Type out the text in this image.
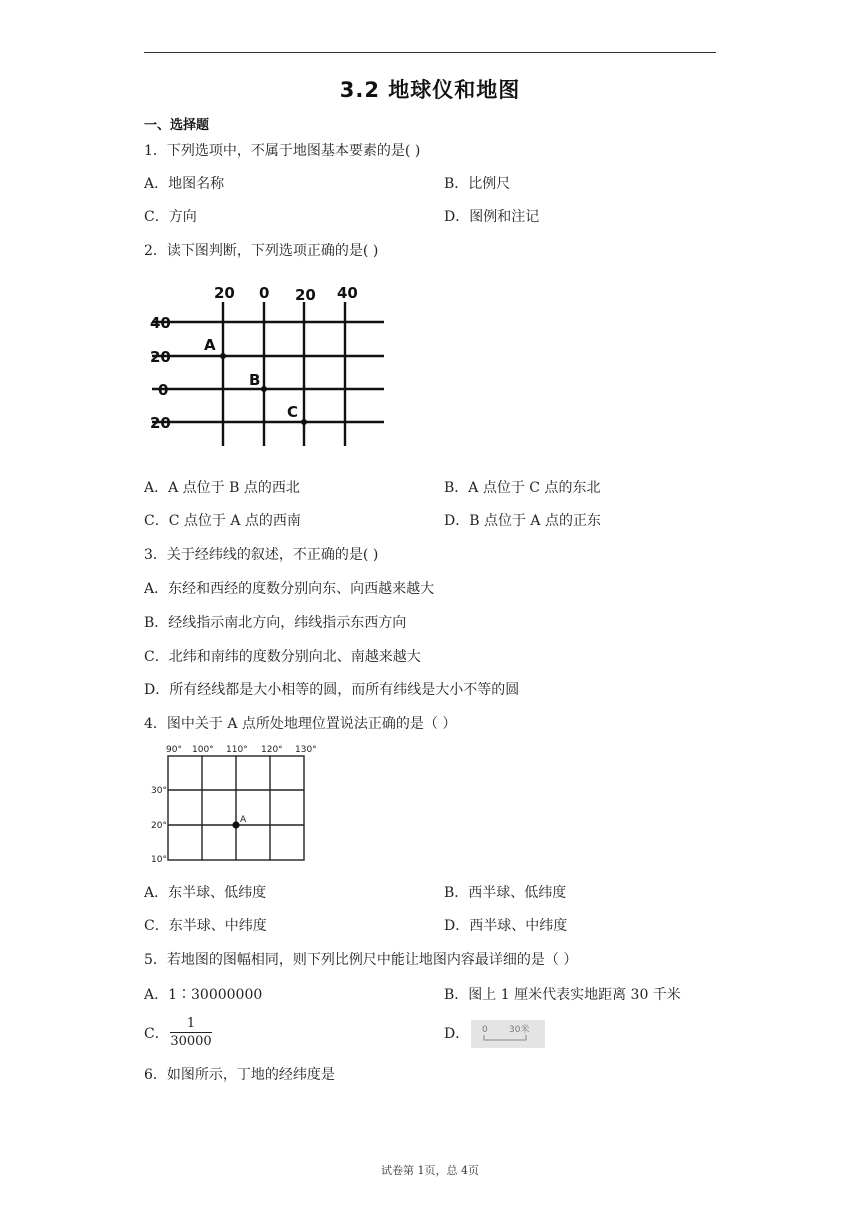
3.2 地球仪和地图
一、选择题
1．下列选项中，不属于地图基本要素的是( )
A．地图名称	B．比例尺
C．方向	D．图例和注记
2．读下图判断，下列选项正确的是( )
20 0 20 40
40
20
0
20
A
B
C
A．A 点位于 B 点的西北	B．A 点位于 C 点的东北
C．C 点位于 A 点的西南	D．B 点位于 A 点的正东
3．关于经纬线的叙述，不正确的是( )
A．东经和西经的度数分别向东、向西越来越大
B．经线指示南北方向，纬线指示东西方向
C．北纬和南纬的度数分别向北、南越来越大
D．所有经线都是大小相等的圆，而所有纬线是大小不等的圆
4．图中关于 A 点所处地理位置说法正确的是（ ）
90° 100° 110° 120° 130°
30°
20°
10°
A
A．东半球、低纬度	B．西半球、低纬度
C．东半球、中纬度	D．西半球、中纬度
5．若地图的图幅相同，则下列比例尺中能让地图内容最详细的是（ ）
A．1∶30000000	B．图上 1 厘米代表实地距离 30 千米
C．
1
30000	D． 0 30米
6．如图所示，丁地的经纬度是
试卷第 1页，总 4页
